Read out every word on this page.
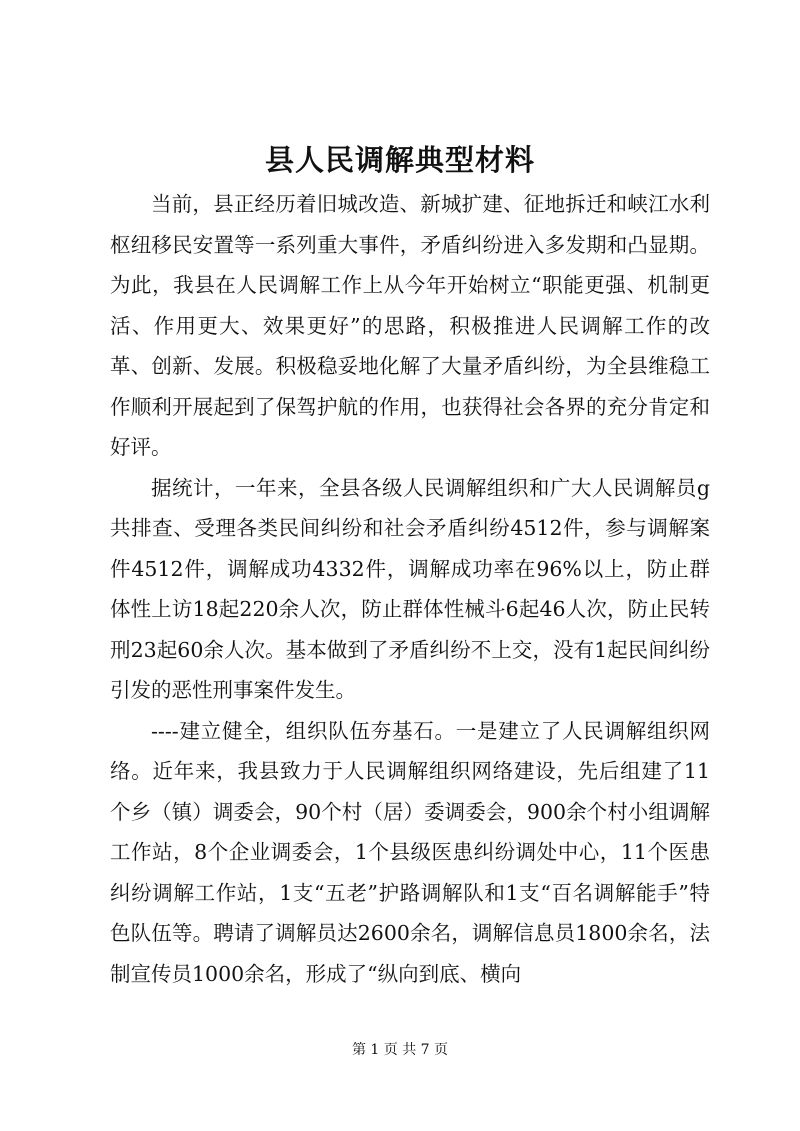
县人民调解典型材料

当前，县正经历着旧城改造、新城扩建、征地拆迁和峡江水利枢纽移民安置等一系列重大事件，矛盾纠纷进入多发期和凸显期。为此，我县在人民调解工作上从今年开始树立“职能更强、机制更活、作用更大、效果更好”的思路，积极推进人民调解工作的改革、创新、发展。积极稳妥地化解了大量矛盾纠纷，为全县维稳工作顺利开展起到了保驾护航的作用，也获得社会各界的充分肯定和好评。

据统计，一年来，全县各级人民调解组织和广大人民调解员g共排查、受理各类民间纠纷和社会矛盾纠纷4512件，参与调解案件4512件，调解成功4332件，调解成功率在96%以上，防止群体性上访18起220余人次，防止群体性械斗6起46人次，防止民转刑23起60余人次。基本做到了矛盾纠纷不上交，没有1起民间纠纷引发的恶性刑事案件发生。

----建立健全，组织队伍夯基石。一是建立了人民调解组织网络。近年来，我县致力于人民调解组织网络建设，先后组建了11个乡（镇）调委会，90个村（居）委调委会，900余个村小组调解工作站，8个企业调委会，1个县级医患纠纷调处中心，11个医患纠纷调解工作站，1支“五老”护路调解队和1支“百名调解能手”特色队伍等。聘请了调解员达2600余名，调解信息员1800余名，法制宣传员1000余名，形成了“纵向到底、横向

第 1 页 共 7 页
